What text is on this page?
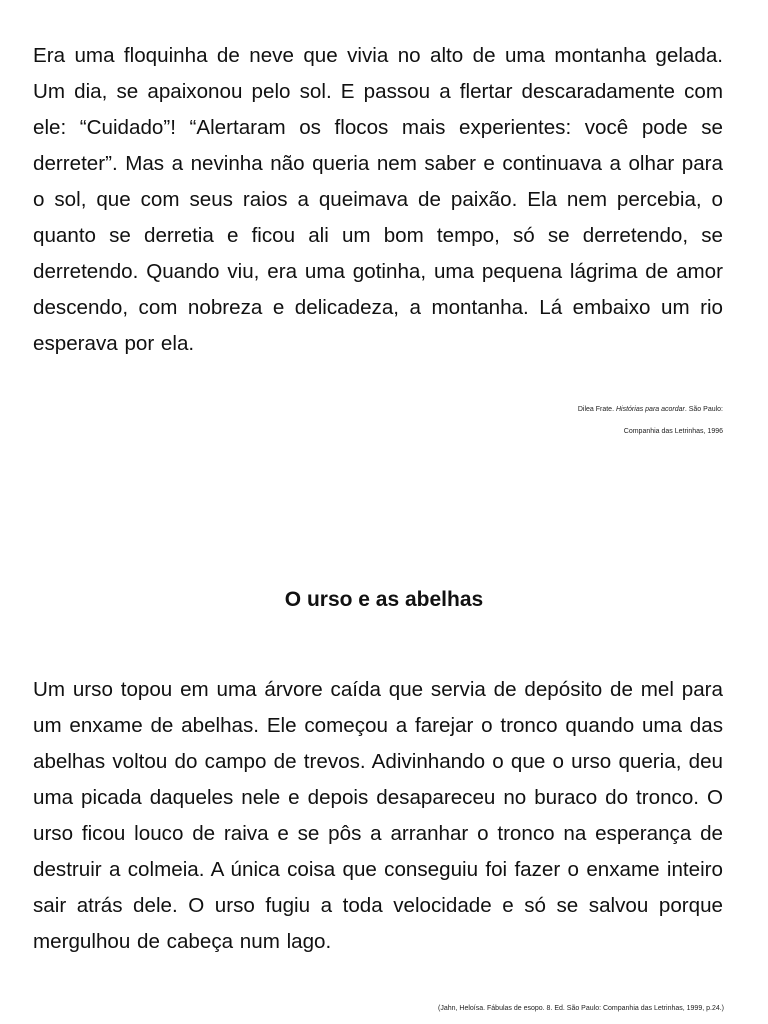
Era uma floquinha de neve que vivia no alto de uma montanha gelada. Um dia, se apaixonou pelo sol. E passou a flertar descaradamente com ele: “Cuidado”! “Alertaram os flocos mais experientes: você pode se derreter”. Mas a nevinha não queria nem saber e continuava a olhar para o sol, que com seus raios a queimava de paixão. Ela nem percebia, o quanto se derretia e ficou ali um bom tempo, só se derretendo, se derretendo. Quando viu, era uma gotinha, uma pequena lágrima de amor descendo, com nobreza e delicadeza, a montanha. Lá embaixo um rio esperava por ela.

Dilea Frate. Histórias para acordar. São Paulo:

Companhia das Letrinhas, 1996

O urso e as abelhas

Um urso topou em uma árvore caída que servia de depósito de mel para um enxame de abelhas. Ele começou a farejar o tronco quando uma das abelhas voltou do campo de trevos. Adivinhando o que o urso queria, deu uma picada daqueles nele e depois desapareceu no buraco do tronco. O urso ficou louco de raiva e se pôs a arranhar o tronco na esperança de destruir a colmeia. A única coisa que conseguiu foi fazer o enxame inteiro sair atrás dele. O urso fugiu a toda velocidade e só se salvou porque mergulhou de cabeça num lago.

(Jahn, Heloísa. Fábulas de esopo. 8. Ed. São Paulo: Companhia das Letrinhas, 1999, p.24.)
